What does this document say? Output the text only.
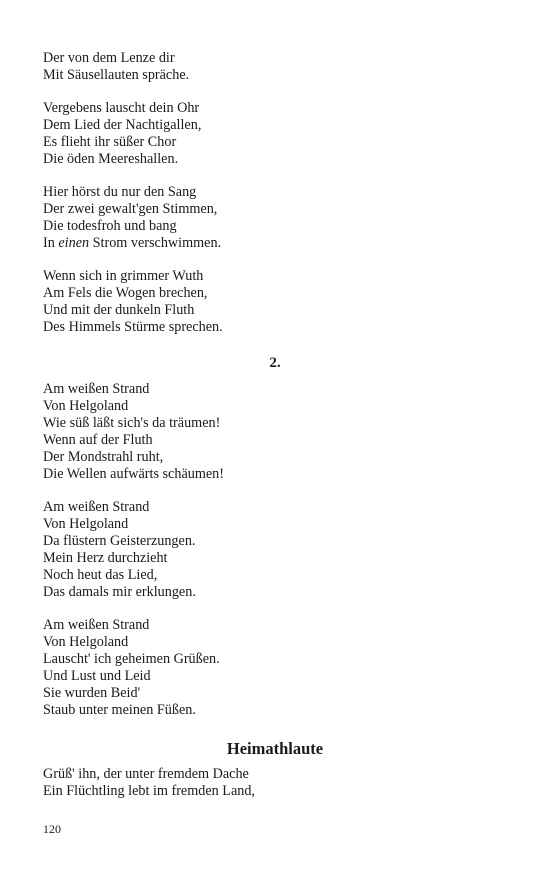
Der von dem Lenze dir
Mit Säusellauten spräche.
Vergebens lauscht dein Ohr
Dem Lied der Nachtigallen,
Es flieht ihr süßer Chor
Die öden Meereshallen.
Hier hörst du nur den Sang
Der zwei gewalt'gen Stimmen,
Die todesfroh und bang
In einen Strom verschwimmen.
Wenn sich in grimmer Wuth
Am Fels die Wogen brechen,
Und mit der dunkeln Fluth
Des Himmels Stürme sprechen.
2.
Am weißen Strand
Von Helgoland
Wie süß läßt sich's da träumen!
Wenn auf der Fluth
Der Mondstrahl ruht,
Die Wellen aufwärts schäumen!
Am weißen Strand
Von Helgoland
Da flüstern Geisterzungen.
Mein Herz durchzieht
Noch heut das Lied,
Das damals mir erklungen.
Am weißen Strand
Von Helgoland
Lauscht' ich geheimen Grüßen.
Und Lust und Leid
Sie wurden Beid'
Staub unter meinen Füßen.
Heimathlaute
Grüß' ihn, der unter fremdem Dache
Ein Flüchtling lebt im fremden Land,
120
